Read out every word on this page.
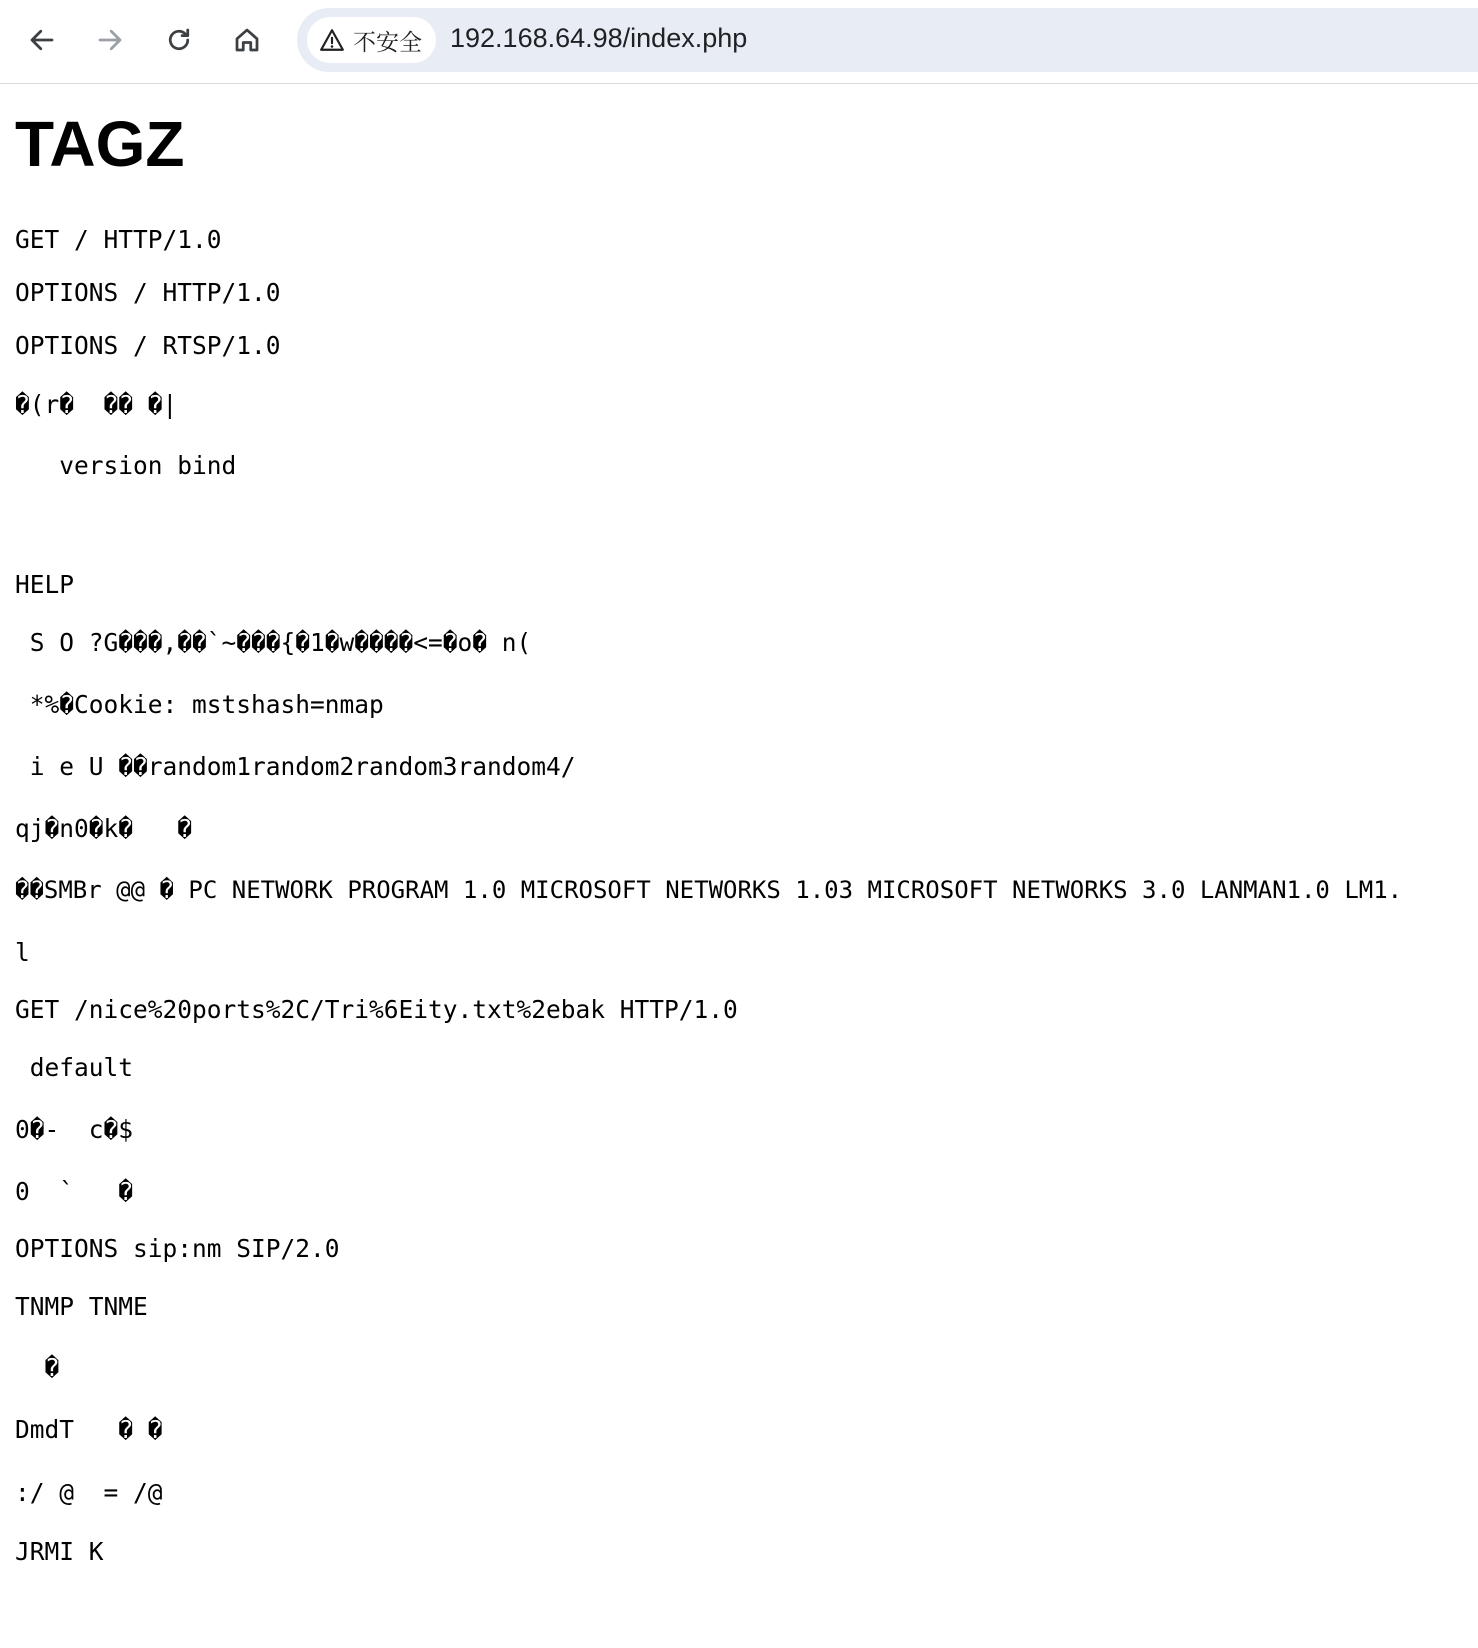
不安全 192.168.64.98/index.php
TAGZ

GET / HTTP/1.0

OPTIONS / HTTP/1.0

OPTIONS / RTSP/1.0

�(r�  �� �|

version bind

HELP

S O ?G���,��`~���{�1�w����<=�o� n(

*%�Cookie: mstshash=nmap

i e U ��random1random2random3random4/

qj�n0�k�   �

��SMBr @@ � PC NETWORK PROGRAM 1.0 MICROSOFT NETWORKS 1.03 MICROSOFT NETWORKS 3.0 LANMAN1.0 LM1.

l

GET /nice%20ports%2C/Tri%6Eity.txt%2ebak HTTP/1.0

default

0�-  c�$

0  `   �

OPTIONS sip:nm SIP/2.0

TNMP TNME

�

DmdT   � �

:/ @  = /@

JRMI K
